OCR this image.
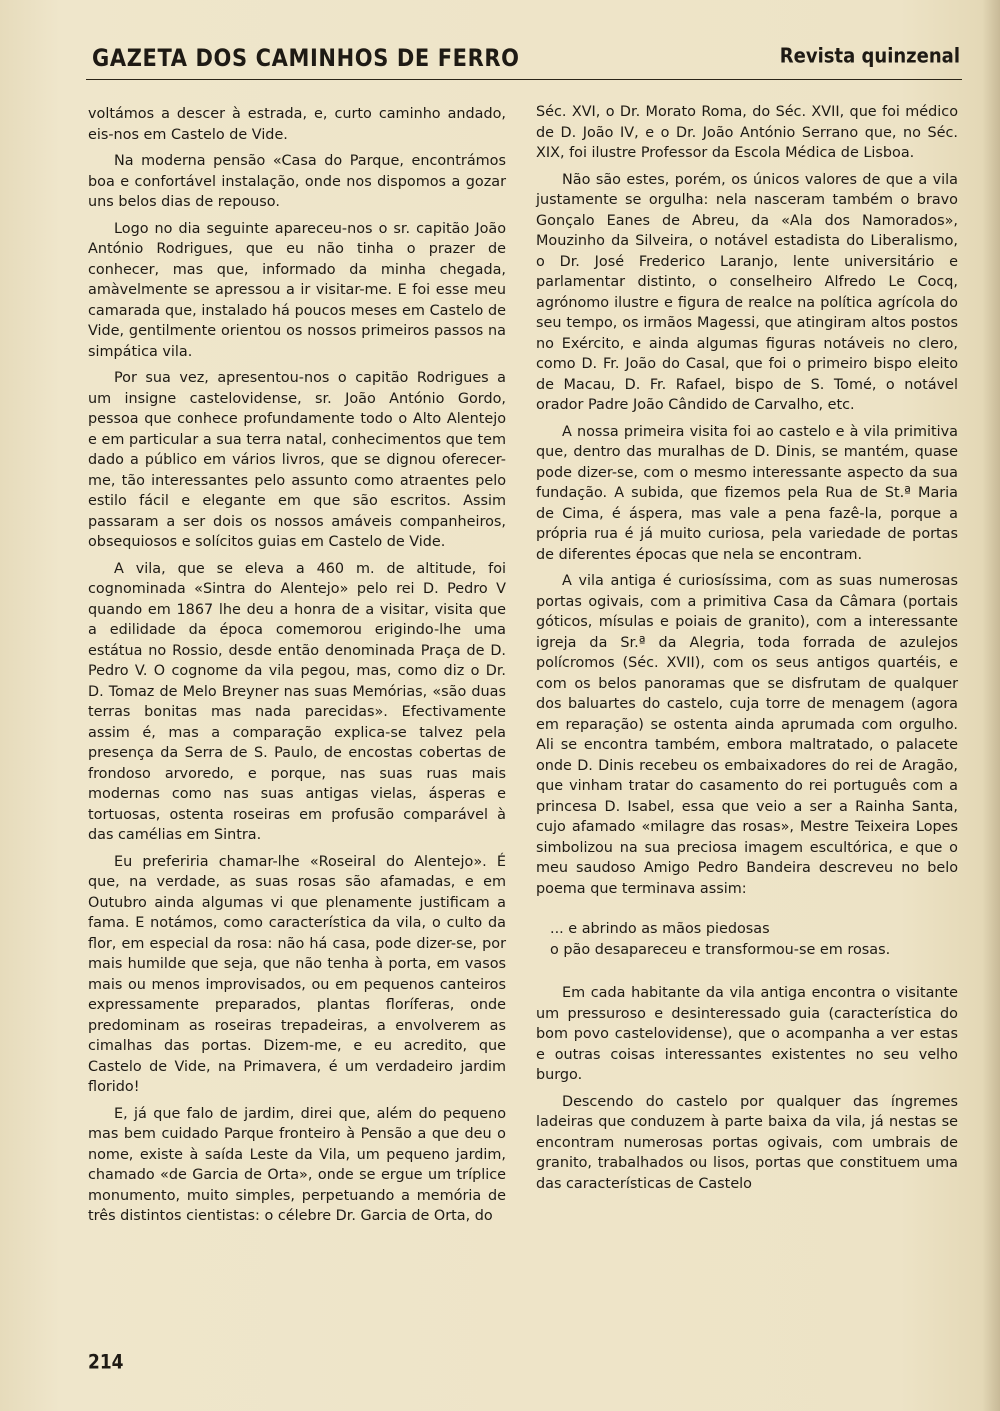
GAZETA DOS CAMINHOS DE FERRO	Revista quinzenal

voltámos a descer à estrada, e, curto caminho andado, eis-nos em Castelo de Vide.

Na moderna pensão «Casa do Parque, encontrámos boa e confortável instalação, onde nos dispomos a gozar uns belos dias de repouso.

Logo no dia seguinte apareceu-nos o sr. capitão João António Rodrigues, que eu não tinha o prazer de conhecer, mas que, informado da minha chegada, amàvelmente se apressou a ir visitar-me. E foi esse meu camarada que, instalado há poucos meses em Castelo de Vide, gentilmente orientou os nossos primeiros passos na simpática vila.

Por sua vez, apresentou-nos o capitão Rodrigues a um insigne castelovidense, sr. João António Gordo, pessoa que conhece profundamente todo o Alto Alentejo e em particular a sua terra natal, conhecimentos que tem dado a público em vários livros, que se dignou oferecer-me, tão interessantes pelo assunto como atraentes pelo estilo fácil e elegante em que são escritos. Assim passaram a ser dois os nossos amáveis companheiros, obsequiosos e solícitos guias em Castelo de Vide.

A vila, que se eleva a 460 m. de altitude, foi cognominada «Sintra do Alentejo» pelo rei D. Pedro V quando em 1867 lhe deu a honra de a visitar, visita que a edilidade da época comemorou erigindo-lhe uma estátua no Rossio, desde então denominada Praça de D. Pedro V. O cognome da vila pegou, mas, como diz o Dr. D. Tomaz de Melo Breyner nas suas Memórias, «são duas terras bonitas mas nada parecidas». Efectivamente assim é, mas a comparação explica-se talvez pela presença da Serra de S. Paulo, de encostas cobertas de frondoso arvoredo, e porque, nas suas ruas mais modernas como nas suas antigas vielas, ásperas e tortuosas, ostenta roseiras em profusão comparável à das camélias em Sintra.

Eu preferiria chamar-lhe «Roseiral do Alentejo». É que, na verdade, as suas rosas são afamadas, e em Outubro ainda algumas vi que plenamente justificam a fama. E notámos, como característica da vila, o culto da flor, em especial da rosa: não há casa, pode dizer-se, por mais humilde que seja, que não tenha à porta, em vasos mais ou menos improvisados, ou em pequenos canteiros expressamente preparados, plantas floríferas, onde predominam as roseiras trepadeiras, a envolverem as cimalhas das portas. Dizem-me, e eu acredito, que Castelo de Vide, na Primavera, é um verdadeiro jardim florido!

E, já que falo de jardim, direi que, além do pequeno mas bem cuidado Parque fronteiro à Pensão a que deu o nome, existe à saída Leste da Vila, um pequeno jardim, chamado «de Garcia de Orta», onde se ergue um tríplice monumento, muito simples, perpetuando a memória de três distintos cientistas: o célebre Dr. Garcia de Orta, do

Séc. XVI, o Dr. Morato Roma, do Séc. XVII, que foi médico de D. João IV, e o Dr. João António Serrano que, no Séc. XIX, foi ilustre Professor da Escola Médica de Lisboa.

Não são estes, porém, os únicos valores de que a vila justamente se orgulha: nela nasceram também o bravo Gonçalo Eanes de Abreu, da «Ala dos Namorados», Mouzinho da Silveira, o notável estadista do Liberalismo, o Dr. José Frederico Laranjo, lente universitário e parlamentar distinto, o conselheiro Alfredo Le Cocq, agrónomo ilustre e figura de realce na política agrícola do seu tempo, os irmãos Magessi, que atingiram altos postos no Exército, e ainda algumas figuras notáveis no clero, como D. Fr. João do Casal, que foi o primeiro bispo eleito de Macau, D. Fr. Rafael, bispo de S. Tomé, o notável orador Padre João Cândido de Carvalho, etc.

A nossa primeira visita foi ao castelo e à vila primitiva que, dentro das muralhas de D. Dinis, se mantém, quase pode dizer-se, com o mesmo interessante aspecto da sua fundação. A subida, que fizemos pela Rua de St.ª Maria de Cima, é áspera, mas vale a pena fazê-la, porque a própria rua é já muito curiosa, pela variedade de portas de diferentes épocas que nela se encontram.

A vila antiga é curiosíssima, com as suas numerosas portas ogivais, com a primitiva Casa da Câmara (portais góticos, mísulas e poiais de granito), com a interessante igreja da Sr.ª da Alegria, toda forrada de azulejos polícromos (Séc. XVII), com os seus antigos quartéis, e com os belos panoramas que se disfrutam de qualquer dos baluartes do castelo, cuja torre de menagem (agora em reparação) se ostenta ainda aprumada com orgulho. Ali se encontra também, embora maltratado, o palacete onde D. Dinis recebeu os embaixadores do rei de Aragão, que vinham tratar do casamento do rei português com a princesa D. Isabel, essa que veio a ser a Rainha Santa, cujo afamado «milagre das rosas», Mestre Teixeira Lopes simbolizou na sua preciosa imagem escultórica, e que o meu saudoso Amigo Pedro Bandeira descreveu no belo poema que terminava assim:

... e abrindo as mãos piedosas
o pão desapareceu e transformou-se em rosas.

Em cada habitante da vila antiga encontra o visitante um pressuroso e desinteressado guia (característica do bom povo castelovidense), que o acompanha a ver estas e outras coisas interessantes existentes no seu velho burgo.

Descendo do castelo por qualquer das íngremes ladeiras que conduzem à parte baixa da vila, já nestas se encontram numerosas portas ogivais, com umbrais de granito, trabalhados ou lisos, portas que constituem uma das características de Castelo

214
